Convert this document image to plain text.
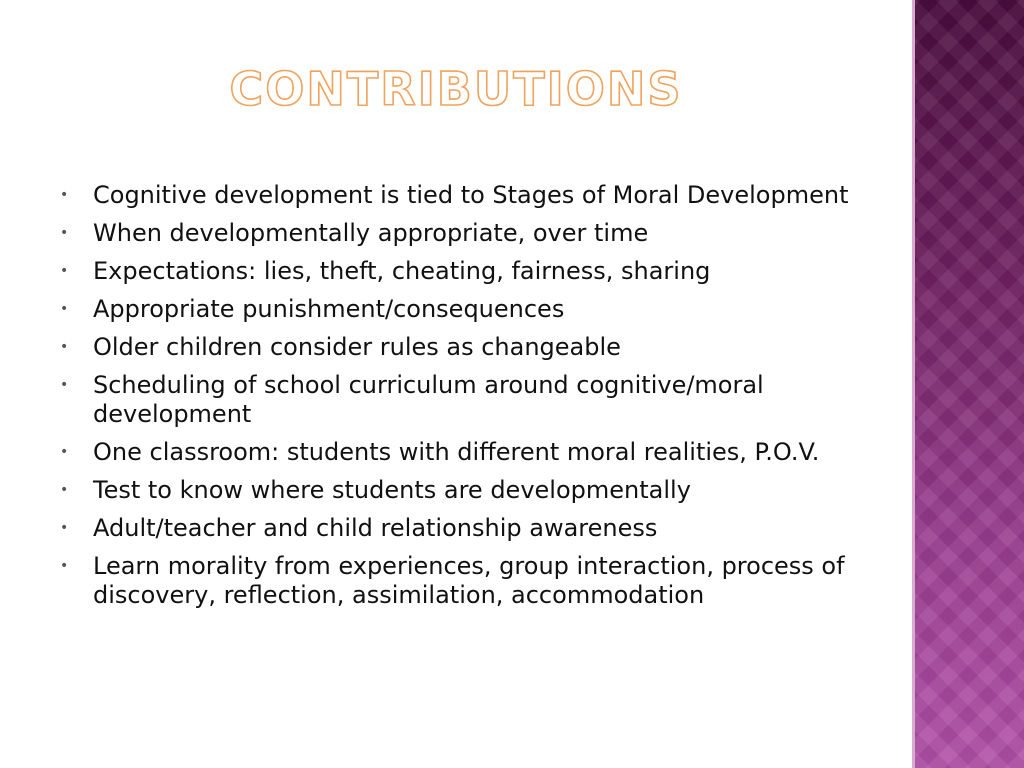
CONTRIBUTIONS
• Cognitive development is tied to Stages of Moral Development
• When developmentally appropriate, over time
• Expectations: lies, theft, cheating, fairness, sharing
• Appropriate punishment/consequences
• Older children consider rules as changeable
• Scheduling of school curriculum around cognitive/moral development
• One classroom: students with different moral realities, P.O.V.
• Test to know where students are developmentally
• Adult/teacher and child relationship awareness
• Learn morality from experiences, group interaction, process of discovery, reflection, assimilation, accommodation
